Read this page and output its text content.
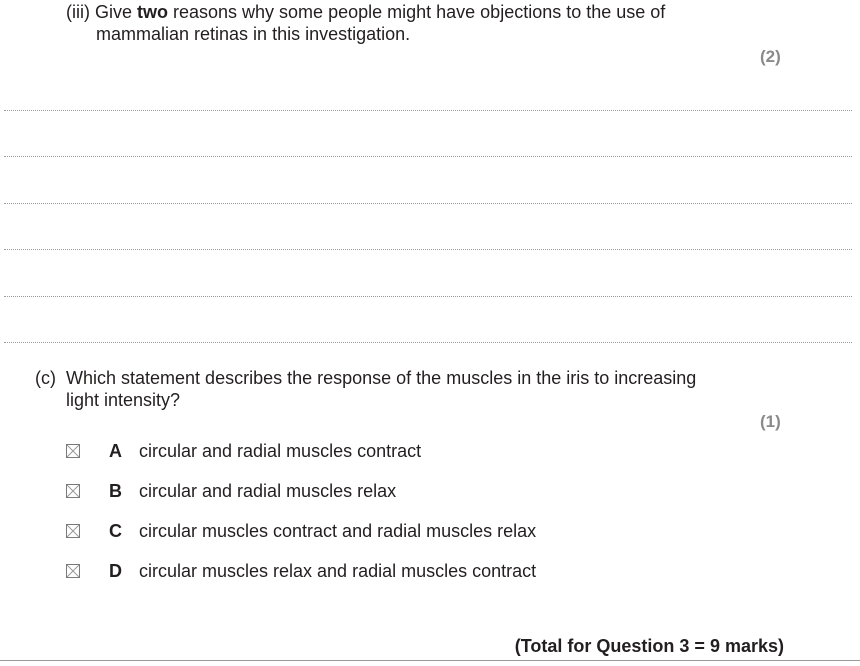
(iii) Give two reasons why some people might have objections to the use of
mammalian retinas in this investigation.
(2)
(c) Which statement describes the response of the muscles in the iris to increasing
light intensity?
(1)
A circular and radial muscles contract
B circular and radial muscles relax
C circular muscles contract and radial muscles relax
D circular muscles relax and radial muscles contract
(Total for Question 3 = 9 marks)
